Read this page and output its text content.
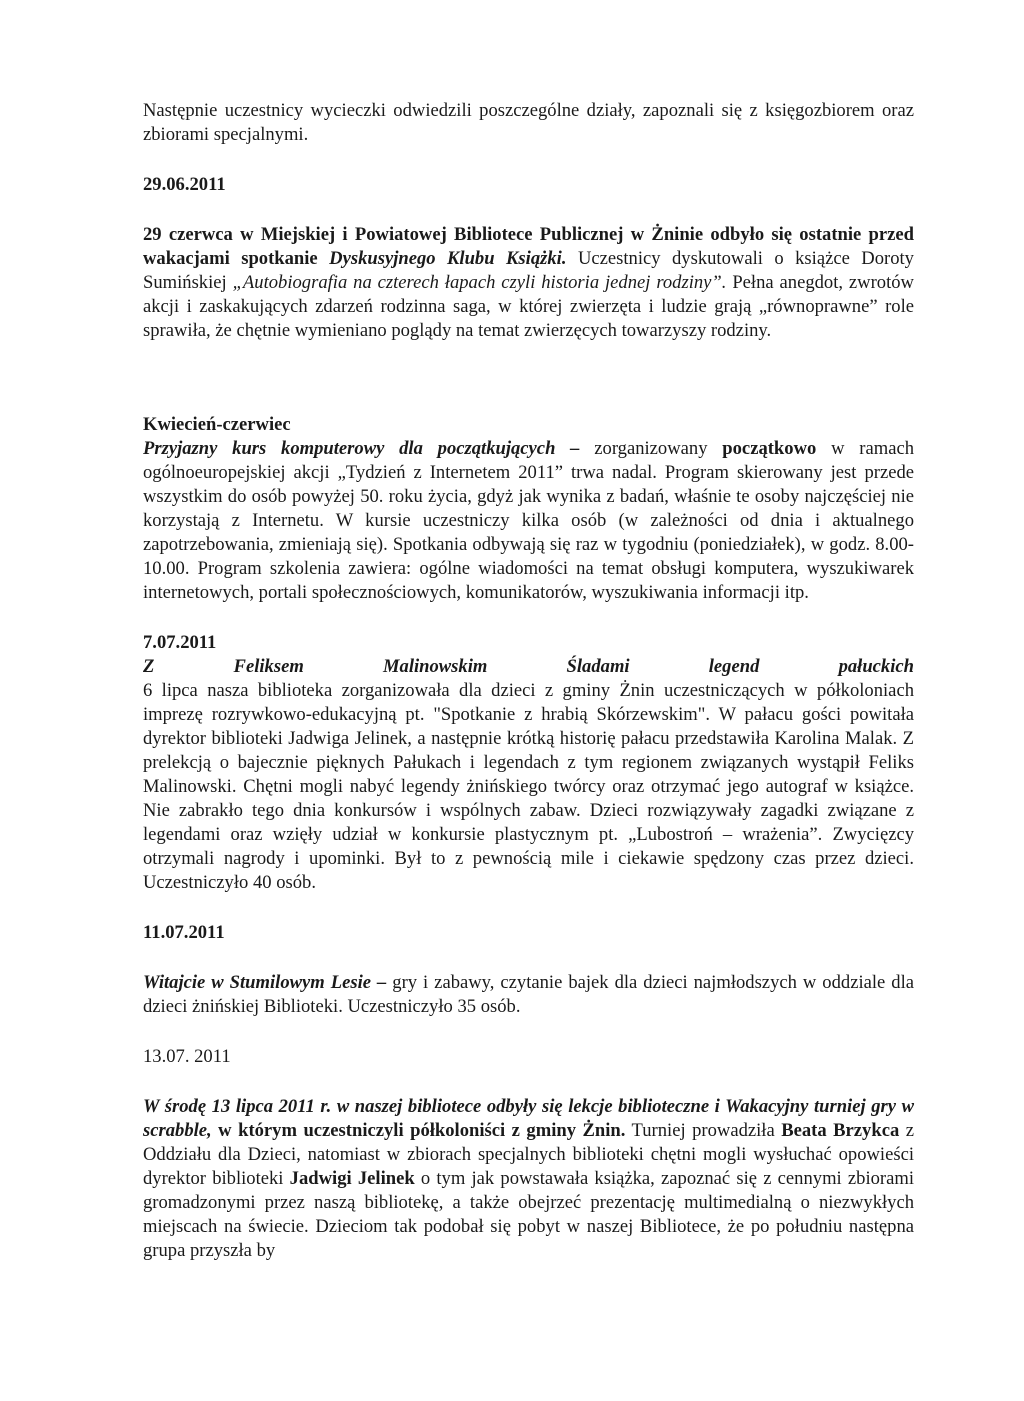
Następnie uczestnicy wycieczki odwiedzili poszczególne działy, zapoznali się z księgozbiorem oraz zbiorami specjalnymi.

29.06.2011

29 czerwca w Miejskiej i Powiatowej Bibliotece Publicznej w Żninie odbyło się ostatnie przed wakacjami spotkanie Dyskusyjnego Klubu Książki. Uczestnicy dyskutowali o książce Doroty Sumińskiej „Autobiografia na czterech łapach czyli historia jednej rodziny”. Pełna anegdot, zwrotów akcji i zaskakujących zdarzeń rodzinna saga, w której zwierzęta i ludzie grają „równoprawne” role sprawiła, że chętnie wymieniano poglądy na temat zwierzęcych towarzyszy rodziny.

Kwiecień-czerwiec

Przyjazny kurs komputerowy dla początkujących – zorganizowany początkowo w ramach ogólnoeuropejskiej akcji „Tydzień z Internetem 2011” trwa nadal. Program skierowany jest przede wszystkim do osób powyżej 50. roku życia, gdyż jak wynika z badań, właśnie te osoby najczęściej nie korzystają z Internetu. W kursie uczestniczy kilka osób (w zależności od dnia i aktualnego zapotrzebowania, zmieniają się). Spotkania odbywają się raz w tygodniu (poniedziałek), w godz. 8.00-10.00. Program szkolenia zawiera: ogólne wiadomości na temat obsługi komputera, wyszukiwarek internetowych, portali społecznościowych, komunikatorów, wyszukiwania informacji itp.

7.07.2011

Z	Feliksem	Malinowskim	Śladami	legend	pałuckich

6 lipca nasza biblioteka zorganizowała dla dzieci z gminy Żnin uczestniczących w półkoloniach imprezę rozrywkowo-edukacyjną pt. "Spotkanie z hrabią Skórzewskim". W pałacu gości powitała dyrektor biblioteki Jadwiga Jelinek, a następnie krótką historię pałacu przedstawiła Karolina Malak. Z prelekcją o bajecznie pięknych Pałukach i legendach z tym regionem związanych wystąpił Feliks Malinowski. Chętni mogli nabyć legendy żnińskiego twórcy oraz otrzymać jego autograf w książce. Nie zabrakło tego dnia konkursów i wspólnych zabaw. Dzieci rozwiązywały zagadki związane z legendami oraz wzięły udział w konkursie plastycznym pt. „Lubostroń – wrażenia”. Zwycięzcy otrzymali nagrody i upominki. Był to z pewnością mile i ciekawie spędzony czas przez dzieci. Uczestniczyło 40 osób.

11.07.2011

Witajcie w Stumilowym Lesie – gry i zabawy, czytanie bajek dla dzieci najmłodszych w oddziale dla dzieci żnińskiej Biblioteki. Uczestniczyło 35 osób.

13.07. 2011

W środę 13 lipca 2011 r. w naszej bibliotece odbyły się lekcje biblioteczne i Wakacyjny turniej gry w scrabble, w którym uczestniczyli półkoloniści z gminy Żnin. Turniej prowadziła Beata Brzykca z Oddziału dla Dzieci, natomiast w zbiorach specjalnych biblioteki chętni mogli wysłuchać opowieści dyrektor biblioteki Jadwigi Jelinek o tym jak powstawała książka, zapoznać się z cennymi zbiorami gromadzonymi przez naszą bibliotekę, a także obejrzeć prezentację multimedialną o niezwykłych miejscach na świecie. Dzieciom tak podobał się pobyt w naszej Bibliotece, że po południu następna grupa przyszła by
